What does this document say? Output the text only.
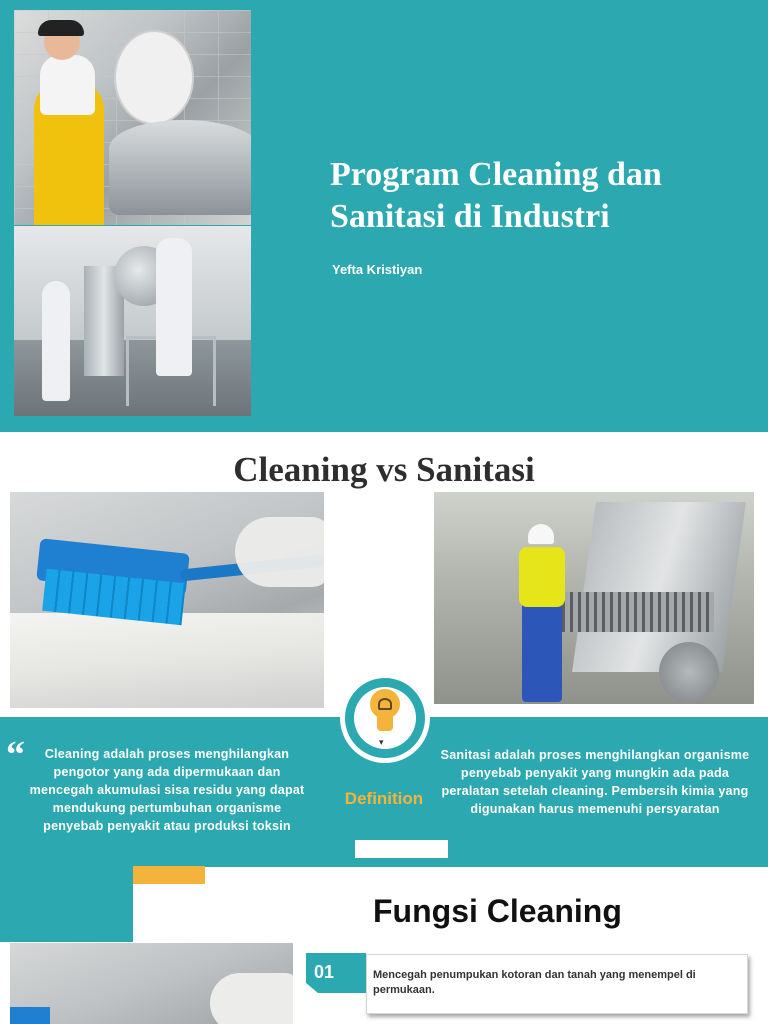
Program Cleaning dan
Sanitasi di Industri
Yefta Kristiyan
Cleaning vs Sanitasi
“	Cleaning adalah proses menghilangkan pengotor yang ada dipermukaan dan mencegah akumulasi sisa residu yang dapat mendukung pertumbuhan organisme penyebab penyakit atau produksi toksin

Sanitasi adalah proses menghilangkan organisme penyebab penyakit yang mungkin ada pada peralatan setelah cleaning. Pembersih kimia yang digunakan harus memenuhi persyaratan

▾
Definition
Fungsi Cleaning
01	Mencegah penumpukan kotoran dan tanah yang menempel di permukaan.
